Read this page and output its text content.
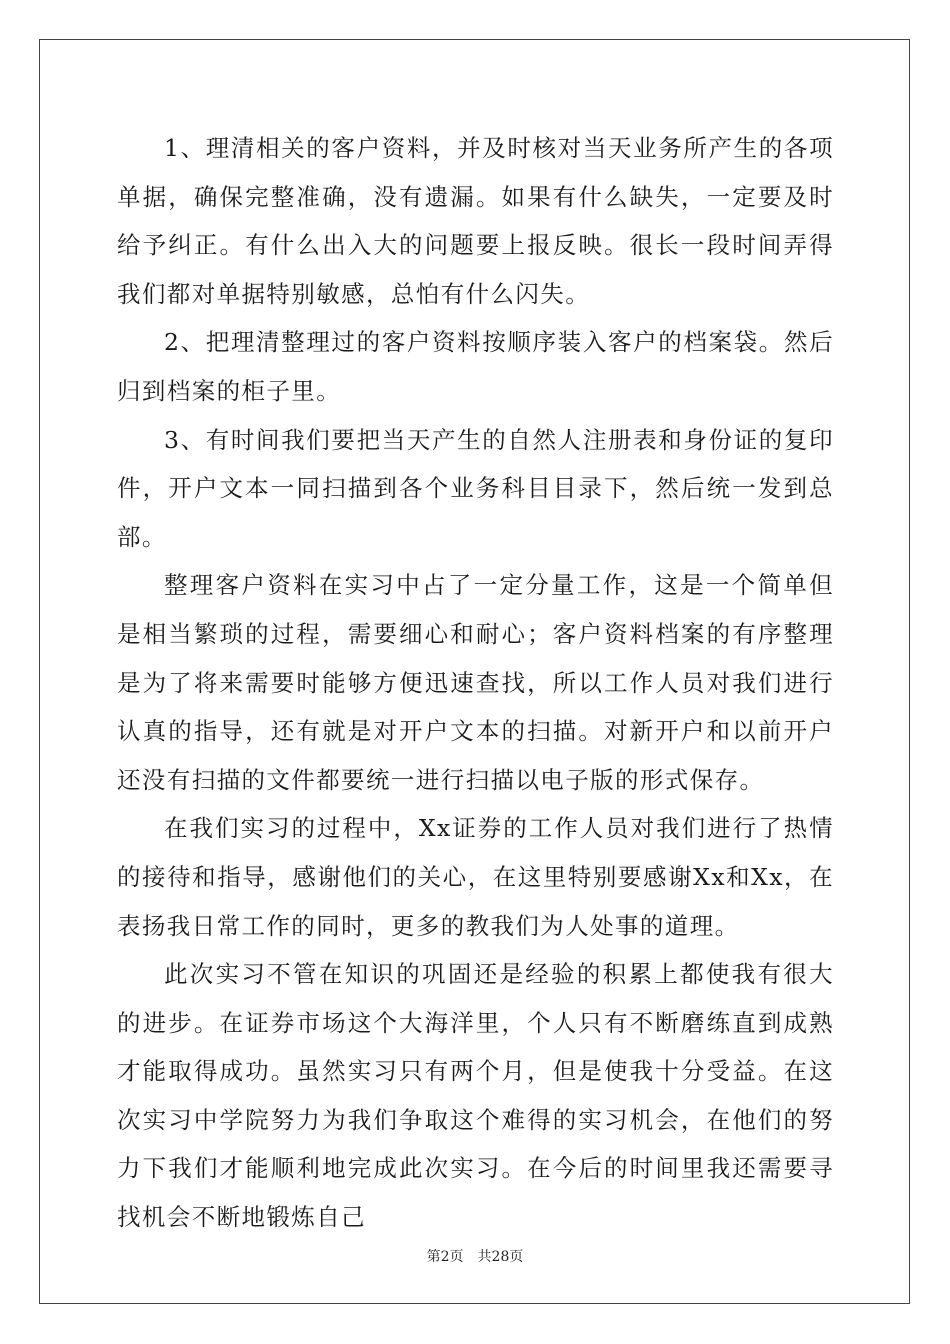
1、理清相关的客户资料，并及时核对当天业务所产生的各项单据，确保完整准确，没有遗漏。如果有什么缺失，一定要及时给予纠正。有什么出入大的问题要上报反映。很长一段时间弄得我们都对单据特别敏感，总怕有什么闪失。

2、把理清整理过的客户资料按顺序装入客户的档案袋。然后归到档案的柜子里。

3、有时间我们要把当天产生的自然人注册表和身份证的复印件，开户文本一同扫描到各个业务科目目录下，然后统一发到总部。

整理客户资料在实习中占了一定分量工作，这是一个简单但是相当繁琐的过程，需要细心和耐心；客户资料档案的有序整理是为了将来需要时能够方便迅速查找，所以工作人员对我们进行认真的指导，还有就是对开户文本的扫描。对新开户和以前开户还没有扫描的文件都要统一进行扫描以电子版的形式保存。

在我们实习的过程中，Xx证券的工作人员对我们进行了热情的接待和指导，感谢他们的关心，在这里特别要感谢Xx和Xx，在表扬我日常工作的同时，更多的教我们为人处事的道理。

此次实习不管在知识的巩固还是经验的积累上都使我有很大的进步。在证券市场这个大海洋里，个人只有不断磨练直到成熟才能取得成功。虽然实习只有两个月，但是使我十分受益。在这次实习中学院努力为我们争取这个难得的实习机会，在他们的努力下我们才能顺利地完成此次实习。在今后的时间里我还需要寻找机会不断地锻炼自己

第2页 共28页
